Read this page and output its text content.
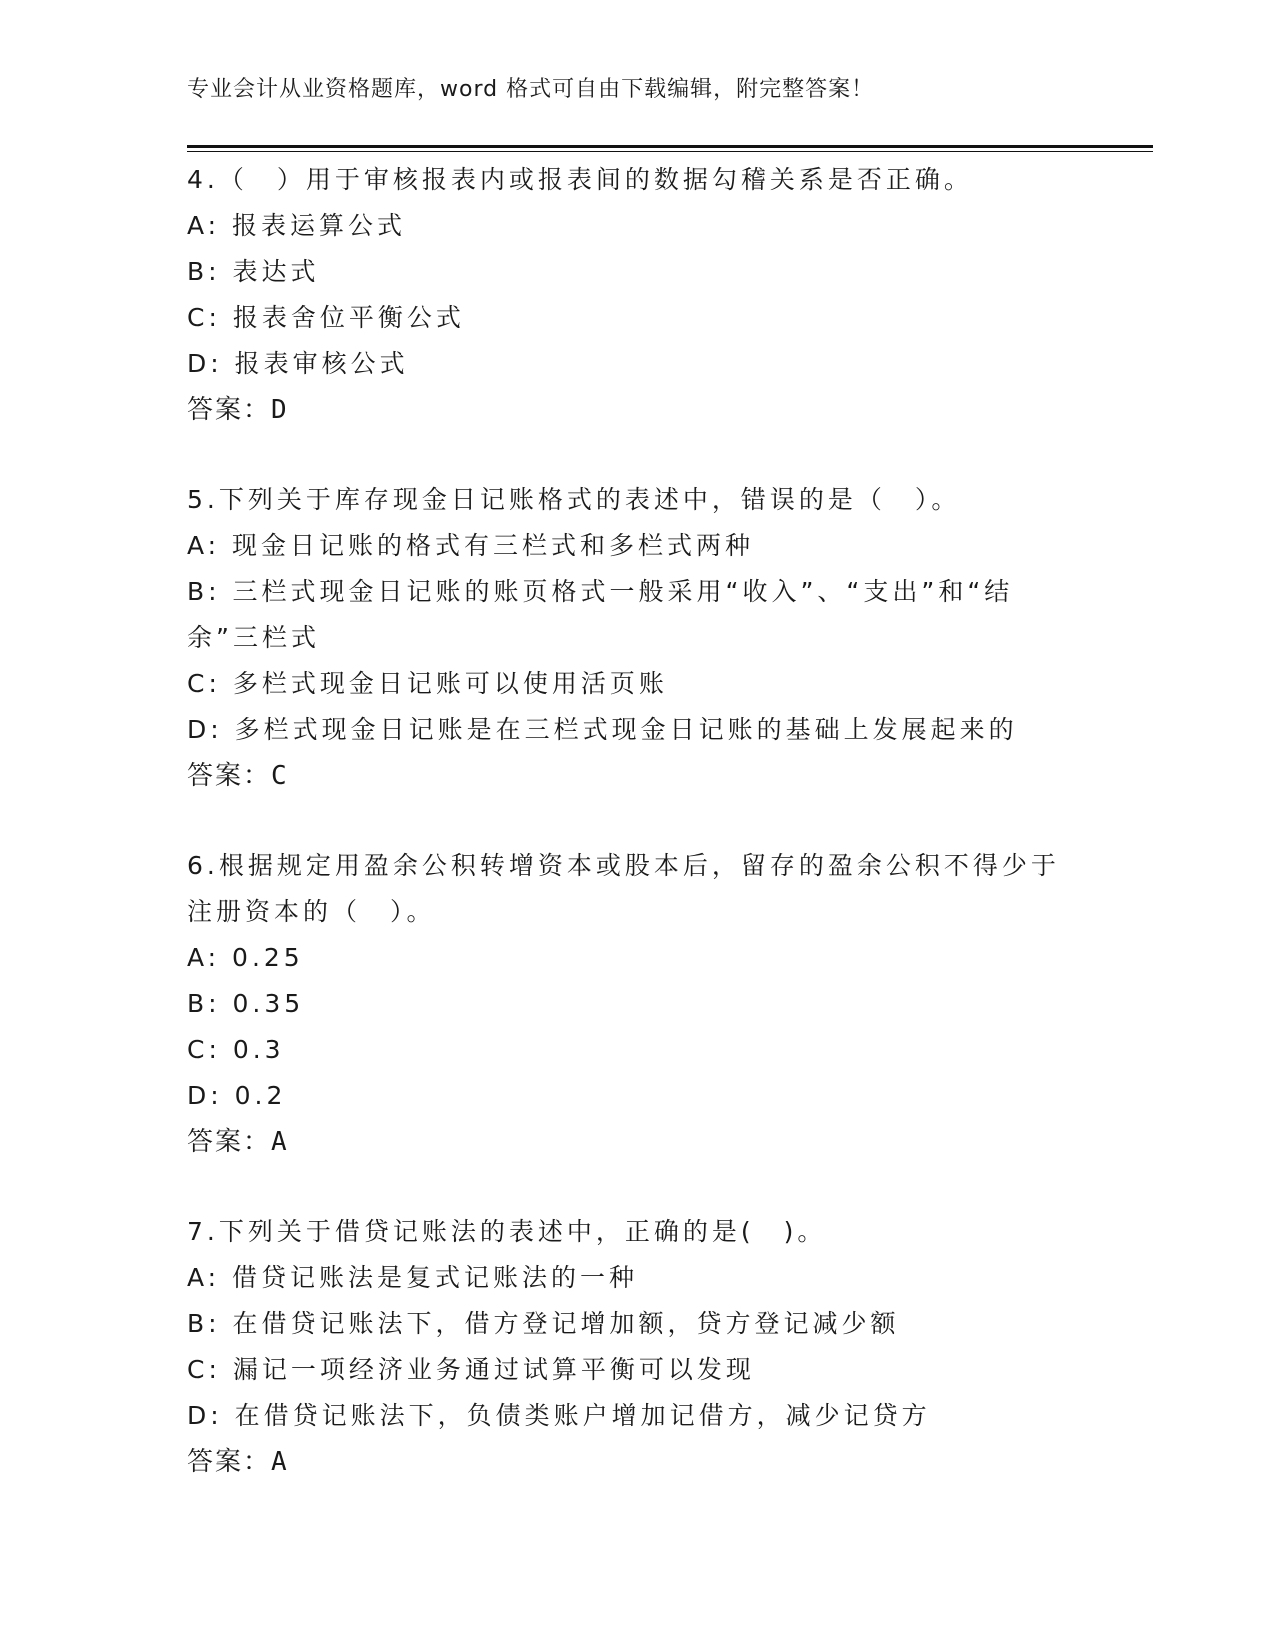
专业会计从业资格题库，word 格式可自由下载编辑，附完整答案！
4.（　）用于审核报表内或报表间的数据勾稽关系是否正确。
A: 报表运算公式
B: 表达式
C: 报表舍位平衡公式
D: 报表审核公式
答案：D
5.下列关于库存现金日记账格式的表述中，错误的是（　）。
A: 现金日记账的格式有三栏式和多栏式两种
B: 三栏式现金日记账的账页格式一般采用“收入”、“支出”和“结
余”三栏式
C: 多栏式现金日记账可以使用活页账
D: 多栏式现金日记账是在三栏式现金日记账的基础上发展起来的
答案：C
6.根据规定用盈余公积转增资本或股本后，留存的盈余公积不得少于
注册资本的（　）。
A: 0.25
B: 0.35
C: 0.3
D: 0.2
答案：A
7.下列关于借贷记账法的表述中，正确的是(　)。
A: 借贷记账法是复式记账法的一种
B: 在借贷记账法下，借方登记增加额，贷方登记减少额
C: 漏记一项经济业务通过试算平衡可以发现
D: 在借贷记账法下，负债类账户增加记借方，减少记贷方
答案：A
